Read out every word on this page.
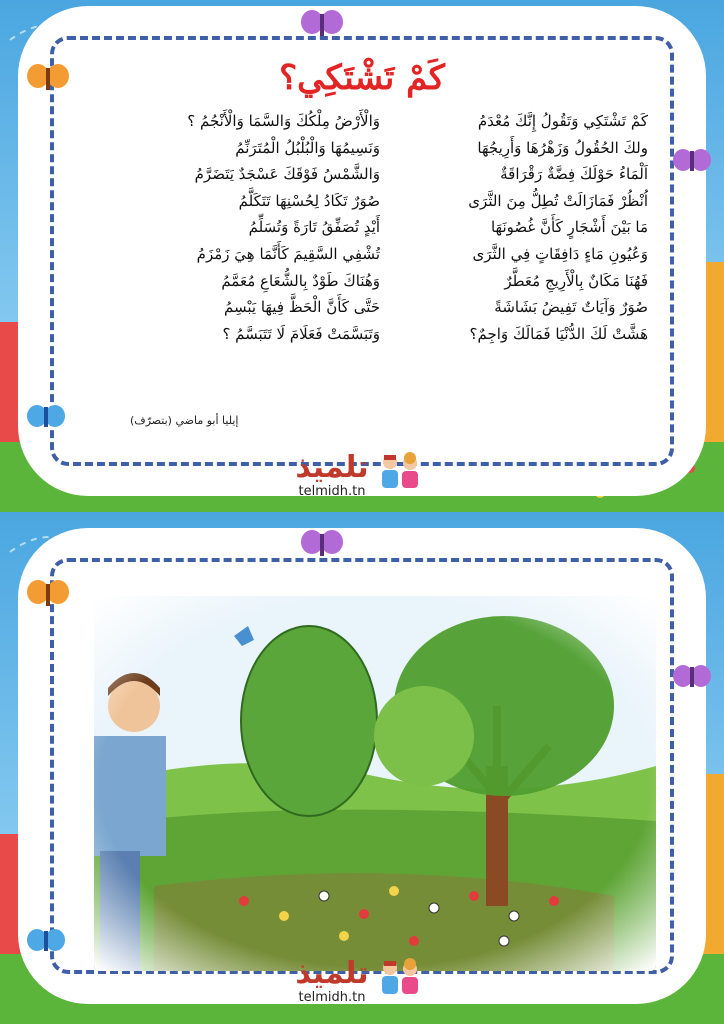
كَمْ تَشْتَكِي؟
كَمْ تَشْتَكِي وَتَقُولُ إِنَّكَ مُعْدَمُ
ولكَ الحُقُولُ وَزَهْرُهَا وَأَرِيجُهَا
اَلْمَاءُ حَوْلَكَ فِضَّةٌ رَقْرَاقَةٌ
اُنْظُرْ فَمَازَالَتْ تُطِلُّ مِنَ الثَّرَى
مَا بَيْنَ أَشْجَارٍ كَأَنَّ غُصُونَهَا
وَعُيُونِ مَاءٍ دَافِقَاتٍ فِي الثَّرَى
فَهُنَا مَكَانٌ بِالْأَرِيجِ مُعَطَّرٌ
صُوَرٌ وَآيَاتٌ تَفِيضُ بَشَاشَةً
هَشَّتْ لَكَ الدُّنْيَا فَمَالَكَ وَاجِمٌ؟
وَالْأَرْضُ مِلْكُكَ وَالسَّمَا وَالْأَنْجُمُ ؟
وَنَسِيمُهَا وَالْبُلْبُلُ الْمُتَرَنِّمُ
وَالشَّمْسُ فَوْقَكَ عَسْجَدٌ يَتَضَرَّمُ
صُوَرٌ تَكَادُ لِحُسْنِهَا تَتَكَلَّمُ
أَيْدٍ تُصَفِّقُ تَارَةً وَتُسَلِّمُ
تُشْفِي السَّقِيمَ كَأَنَّمَا هِيَ زَمْزَمُ
وَهُنَاكَ طَوْدٌ بِالشُّعَاعِ مُعَمَّمُ
حَتَّى كَأَنَّ الْحَظَّ فِيهَا يَبْسِمُ
وَتَبَسَّمَتْ فَعَلَامَ لَا تَتَبَسَّمُ ؟
إيليا أبو ماضي (بتصرّف)
تلميذ
telmidh.tn
تلميذ
telmidh.tn
